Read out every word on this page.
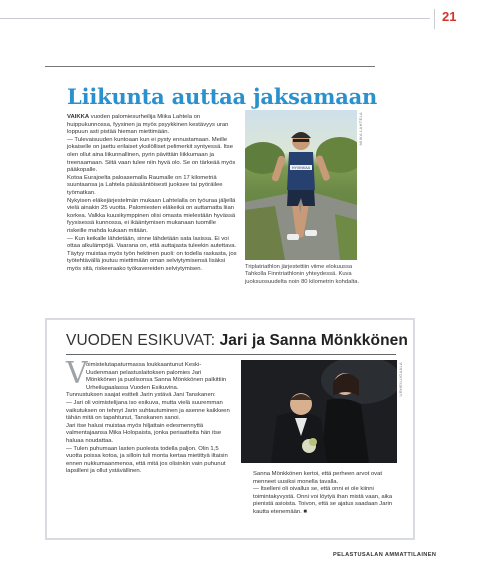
21
Liikunta auttaa jaksamaan

VAIKKA vuoden palomiesurheilija Miika Lahtela on huippukunnossa, fyysinen ja myös psyykkinen kestävyys uran loppuun asti pistää hieman miettimään.

— Tulevaisuuden kuntoaan kun ei pysty ennustamaan. Meille jokaiselle on jaettu erilaiset yksilölliset pelimerkit syntyessä. Itse olen ollut aina liikunnallinen, pyrin pävittäin liikkumaan ja treenaamaan. Siitä vaan tulee niin hyvä olo. Se on tärkeää myös pääkopalle.

Kotoa Eurajoelta paloasemalla Raumalle on 17 kilometriä suuntaansa ja Lahtela pääsääntöisesti juoksee tai pyöräilee työmatkan.

Nykyisen eläkejärjestelmän mukaan Lahtelalla on työuraa jäljellä vielä ainakin 25 vuotta. Palomiesten eläkeikä on auttamatta liian korkea. Valkka kuusikymppinen olisi omasta mielestään hyvässä fyysisessä kunnossa, ei ikääntymisen mukanaan tuomille riskeille mahda kukaan mitään.

— Kun keikalle lähdetään, sinne lähdetään sata lasissa. Ei voi ottaa alkulämpöjä. Vaarana on, että auttajasta tuleekin autettava. Täytyy muistaa myös työn hektinen puoli: on todella raskasta, jos työtehtävällä joutuu miettimään oman selviytymisensä lisäksi myös sitä, riskeeraako työkavereiden selviytymisen.

HYVINKAA
MIIKA LAHTELA
Triplatriathlon järjestettiin viime elokuussa Tahkolla Finntriathlonin yhteydessä. Kuva juoksuosuudelta noin 80 kilometrin kohdalta.
VUODEN ESIKUVAT: Jari ja Sanna Mönkkönen
V

oimistelutapaturmassa loukkaantunut Keski-Uudenmaan pelastuslaitoksen palomies Jari Mönkkönen ja puolisonsa Sanna Mönkkönen palkittiin Urheilugaalassa Vuoden Esikuvina.

Tunnustuksen saajat esitteli Jarin ystävä Jani Tanskanen:

— Jari oli voimistelijana iso esikuva, mutta vielä suuremman vaikutuksen on tehnyt Jarin suhtautuminen ja asenne kaikkeen tähän mitä on tapahtunut, Tanskanen sanoi.

Jari itse halusi muistaa myös hiljattain edesmennyttä valmentajaansa Mika Holopaista, jonka periaatteita hän itse haluaa noudattaa.

— Tulen puhumaan lasten puolesta todella paljon. Olin 1,5 vuotta poissa kotoa, ja silloin tuli monta kertaa mietittyä iltaisin ennen nukkumaanmenoa, että mitä jos olisinkin vain puhunut lapsilleni ja ollut ystävällinen.

URHEILUGAALA

Sanna Mönkkönen kertoi, että perheen arvot ovat menneet uusiksi monella tavalla.

— Itselleni oli oivallus se, että onni ei ole kiinni toimintakyvystä. Onni voi löytyä ihan mistä vaan, aika pienistä asioista. Toivon, että se ajatus saadaan Jarin kautta etenemään. ■

PELASTUSALAN AMMATTILAINEN
